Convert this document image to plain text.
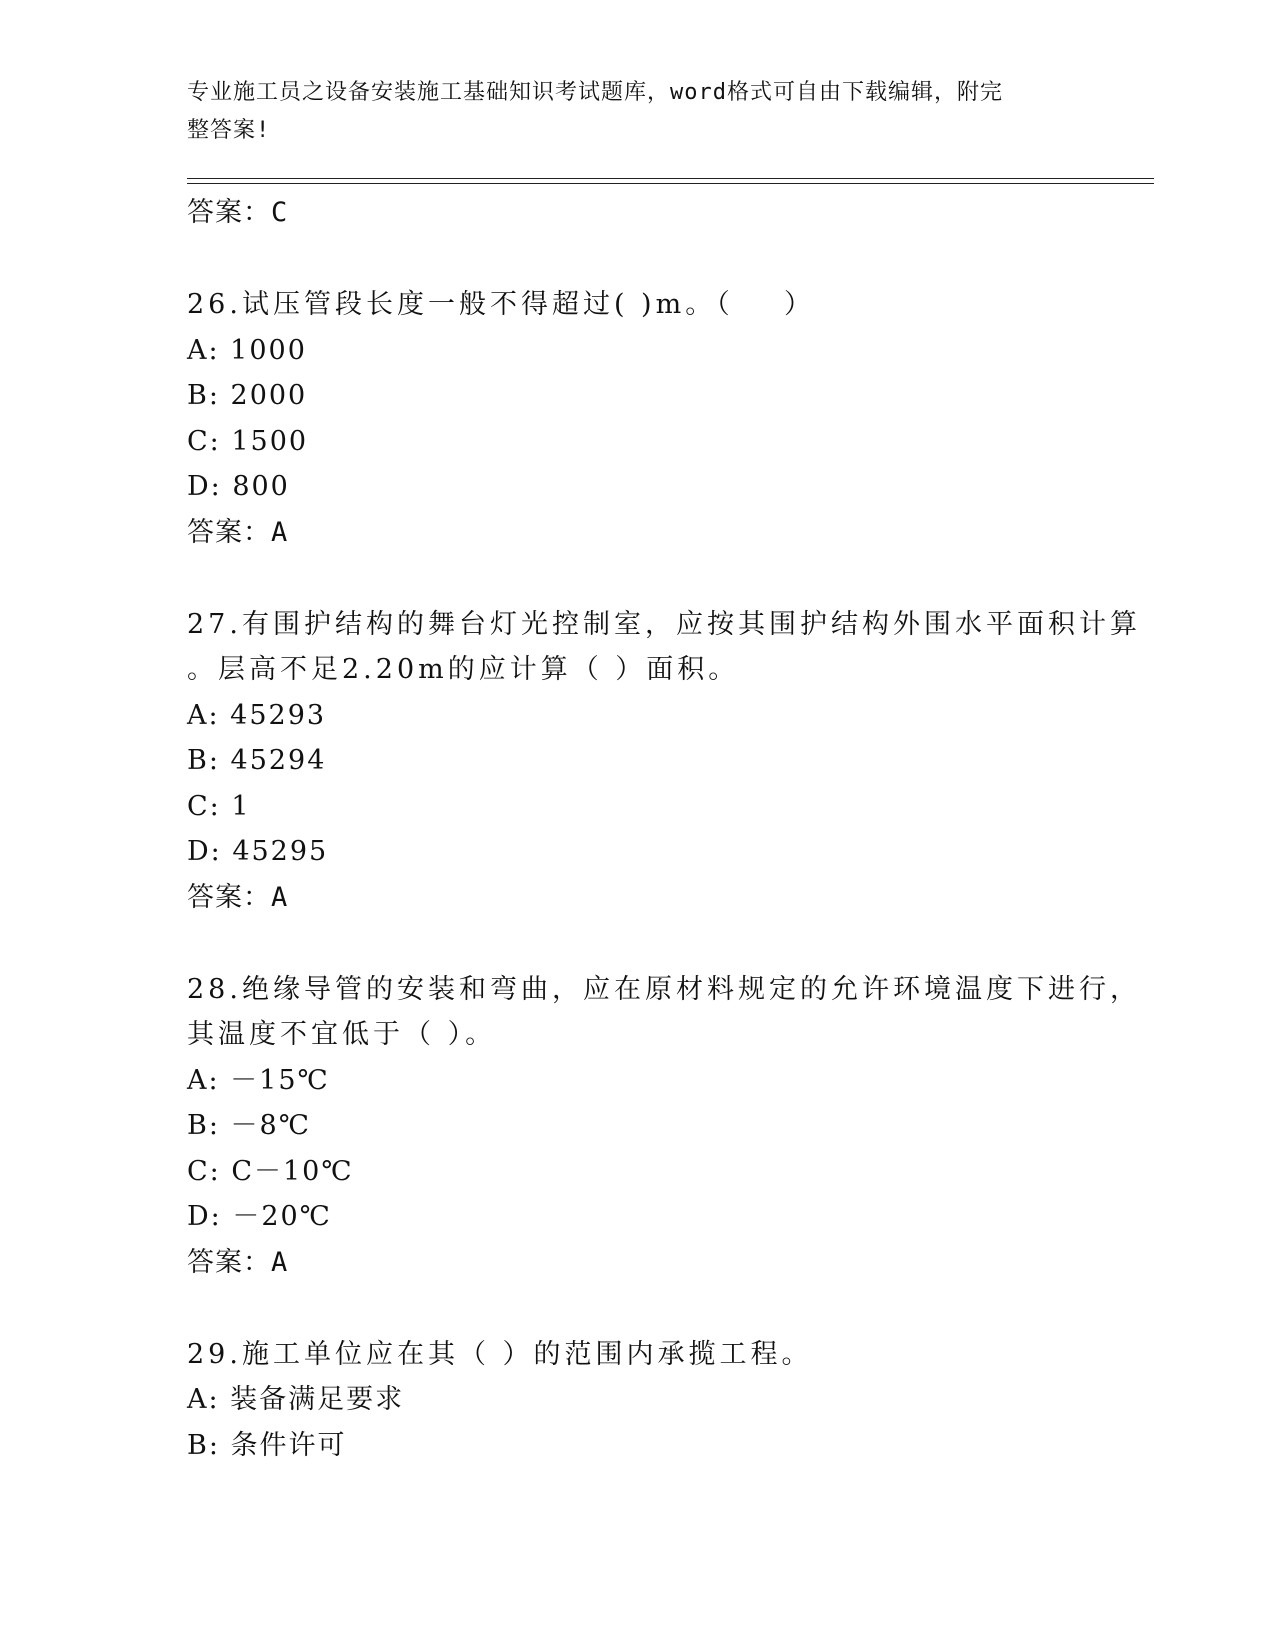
专业施工员之设备安装施工基础知识考试题库，word格式可自由下载编辑，附完
整答案!
答案：C
26.试压管段长度一般不得超过( )m。（    ）
A: 1000
B: 2000
C: 1500
D: 800
答案：A
27.有围护结构的舞台灯光控制室，应按其围护结构外围水平面积计算
。层高不足2.20m的应计算（ ）面积。
A: 45293
B: 45294
C: 1
D: 45295
答案：A
28.绝缘导管的安装和弯曲，应在原材料规定的允许环境温度下进行，
其温度不宜低于（ ）。
A: －15℃
B: －8℃
C: C－10℃
D: －20℃
答案：A
29.施工单位应在其（ ）的范围内承揽工程。
A: 装备满足要求
B: 条件许可
